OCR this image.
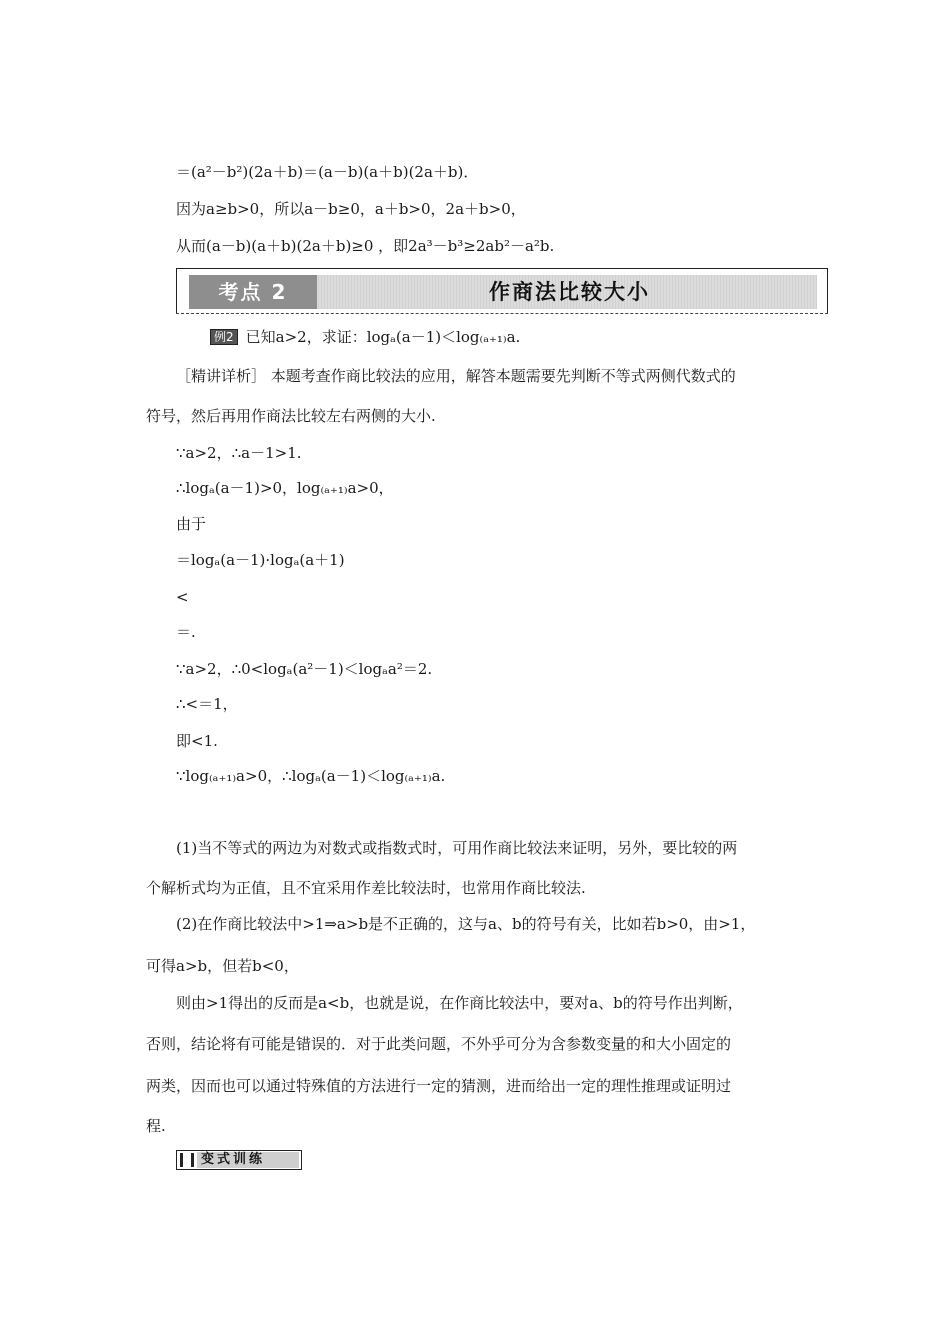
＝(a²－b²)(2a＋b)＝(a－b)(a＋b)(2a＋b)．
因为a≥b>0，所以a－b≥0，a＋b>0，2a＋b>0，
从而(a－b)(a＋b)(2a＋b)≥0 ，即2a³－b³≥2ab²－a²b.
考点 2	作商法比较大小
例2 已知a>2，求证：logₐ(a－1)＜log₍ₐ₊₁₎a.
［精讲详析］ 本题考查作商比较法的应用，解答本题需要先判断不等式两侧代数式的
符号，然后再用作商法比较左右两侧的大小.
∵a>2，∴a－1>1.
∴logₐ(a－1)>0，log₍ₐ₊₁₎a>0，
由于
＝logₐ(a－1)·logₐ(a＋1)
<
＝.
∵a>2，∴0<logₐ(a²－1)＜logₐa²＝2.
∴<＝1，
即<1.
∵log₍ₐ₊₁₎a>0，∴logₐ(a－1)＜log₍ₐ₊₁₎a.
(1)当不等式的两边为对数式或指数式时，可用作商比较法来证明，另外，要比较的两
个解析式均为正值，且不宜采用作差比较法时，也常用作商比较法.
(2)在作商比较法中>1⇒a>b是不正确的，这与a、b的符号有关，比如若b>0，由>1，
可得a>b，但若b<0，
则由>1得出的反而是a<b，也就是说，在作商比较法中，要对a、b的符号作出判断，
否则，结论将有可能是错误的．对于此类问题，不外乎可分为含参数变量的和大小固定的
两类，因而也可以通过特殊值的方法进行一定的猜测，进而给出一定的理性推理或证明过
程.
变式训练
